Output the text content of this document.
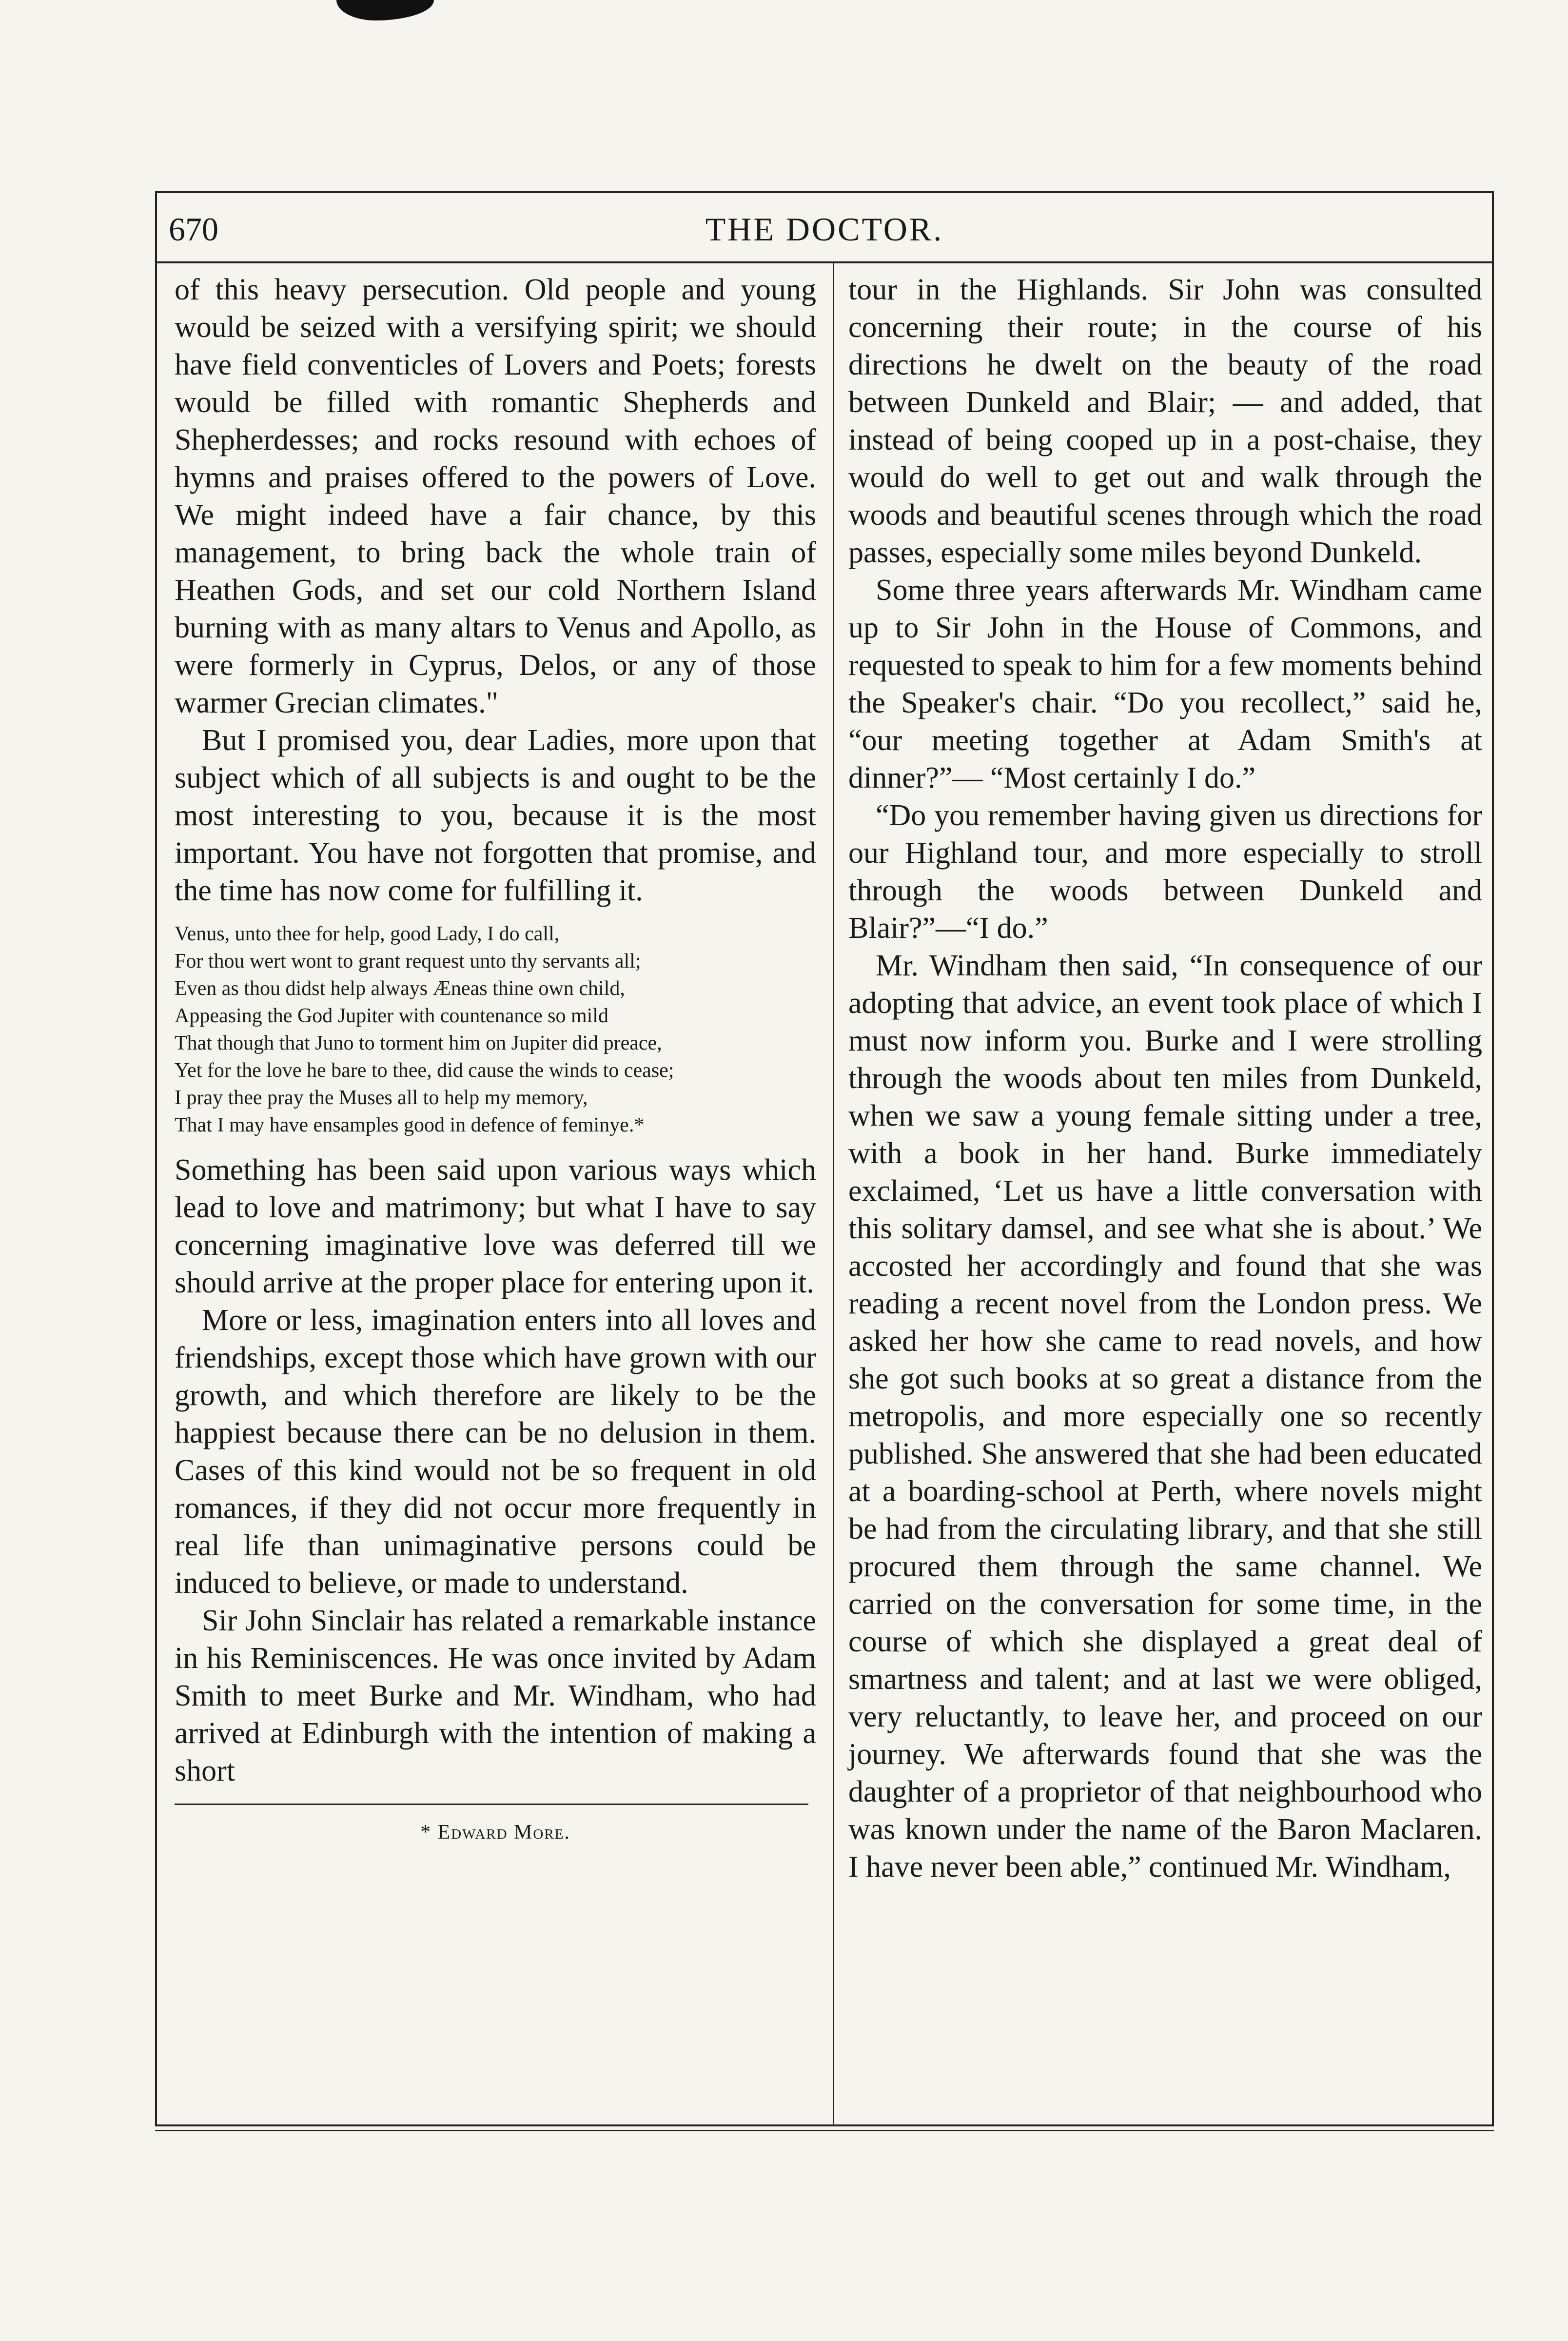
670	THE DOCTOR.

of this heavy persecution. Old people and young would be seized with a versifying spirit; we should have field conventicles of Lovers and Poets; forests would be filled with romantic Shepherds and Shepherdesses; and rocks resound with echoes of hymns and praises offered to the powers of Love. We might indeed have a fair chance, by this management, to bring back the whole train of Heathen Gods, and set our cold Northern Island burning with as many altars to Venus and Apollo, as were formerly in Cyprus, Delos, or any of those warmer Grecian climates."

But I promised you, dear Ladies, more upon that subject which of all subjects is and ought to be the most interesting to you, because it is the most important. You have not forgotten that promise, and the time has now come for fulfilling it.

Venus, unto thee for help, good Lady, I do call,
For thou wert wont to grant request unto thy servants all;
Even as thou didst help always Æneas thine own child,
Appeasing the God Jupiter with countenance so mild
That though that Juno to torment him on Jupiter did preace,
Yet for the love he bare to thee, did cause the winds to cease;
I pray thee pray the Muses all to help my memory,
That I may have ensamples good in defence of feminye.*

Something has been said upon various ways which lead to love and matrimony; but what I have to say concerning imaginative love was deferred till we should arrive at the proper place for entering upon it.

More or less, imagination enters into all loves and friendships, except those which have grown with our growth, and which therefore are likely to be the happiest because there can be no delusion in them. Cases of this kind would not be so frequent in old romances, if they did not occur more frequently in real life than unimaginative persons could be induced to believe, or made to understand.

Sir John Sinclair has related a remarkable instance in his Reminiscences. He was once invited by Adam Smith to meet Burke and Mr. Windham, who had arrived at Edinburgh with the intention of making a short

* Edward More.

tour in the Highlands. Sir John was consulted concerning their route; in the course of his directions he dwelt on the beauty of the road between Dunkeld and Blair; — and added, that instead of being cooped up in a post-chaise, they would do well to get out and walk through the woods and beautiful scenes through which the road passes, especially some miles beyond Dunkeld.

Some three years afterwards Mr. Windham came up to Sir John in the House of Commons, and requested to speak to him for a few moments behind the Speaker's chair. “Do you recollect,” said he, “our meeting together at Adam Smith's at dinner?”— “Most certainly I do.”

“Do you remember having given us directions for our Highland tour, and more especially to stroll through the woods between Dunkeld and Blair?”—“I do.”

Mr. Windham then said, “In consequence of our adopting that advice, an event took place of which I must now inform you. Burke and I were strolling through the woods about ten miles from Dunkeld, when we saw a young female sitting under a tree, with a book in her hand. Burke immediately exclaimed, ‘Let us have a little conversation with this solitary damsel, and see what she is about.’ We accosted her accordingly and found that she was reading a recent novel from the London press. We asked her how she came to read novels, and how she got such books at so great a distance from the metropolis, and more especially one so recently published. She answered that she had been educated at a boarding-school at Perth, where novels might be had from the circulating library, and that she still procured them through the same channel. We carried on the conversation for some time, in the course of which she displayed a great deal of smartness and talent; and at last we were obliged, very reluctantly, to leave her, and proceed on our journey. We afterwards found that she was the daughter of a proprietor of that neighbourhood who was known under the name of the Baron Maclaren. I have never been able,” continued Mr. Windham,
